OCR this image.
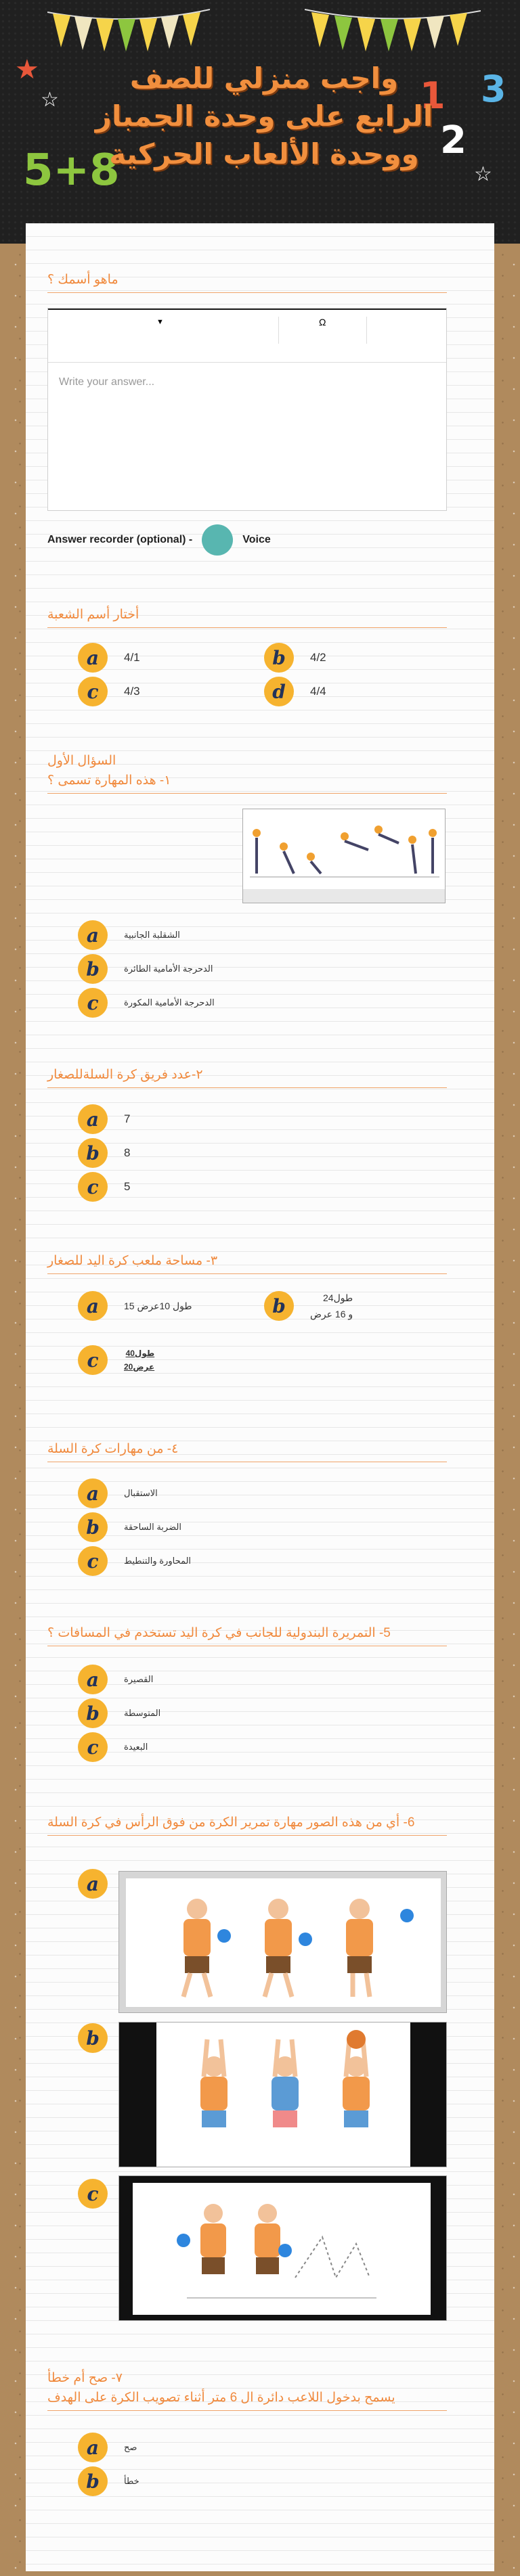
★
☆
☆
1 3
2
5+8
واجب منزلي للصف
الرابع على وحدة الجمباز
ووحدة الألعاب الحركية
ماهو أسمك ؟
▼	Ω
Write your answer...
Answer recorder (optional) -	Voice
أختار أسم الشعبة
a	4/1	b	4/2
c	4/3	d	4/4
السؤال الأول
١- هذه المهارة تسمى ؟
a	الشقلبة الجانبية
b	الدحرجة الأمامية الطائرة
c	الدحرجة الأمامية المكورة
٢-عدد فريق كرة السلةللصغار
a	7
b	8
c	5
٣- مساحة ملعب كرة اليد للصغار
a	طول 10عرض 15	b	طول24
و 16 عرض
c	طول40
عرض20
٤- من مهارات كرة السلة
a	الاستقبال
b	الضربة الساحقة
c	المحاورة والتنطيط
5- التمريرة البندولية للجانب في كرة اليد تستخدم في المسافات ؟
a	القصيرة
b	المتوسطة
c	البعيدة
6- أي من هذه الصور مهارة تمرير الكرة من فوق الرأس في كرة السلة
a
b
c
٧- صح أم خطأ
يسمح بدخول اللاعب دائرة ال 6 متر أثناء تصويب الكرة على الهدف
a	صح
b	خطأ
